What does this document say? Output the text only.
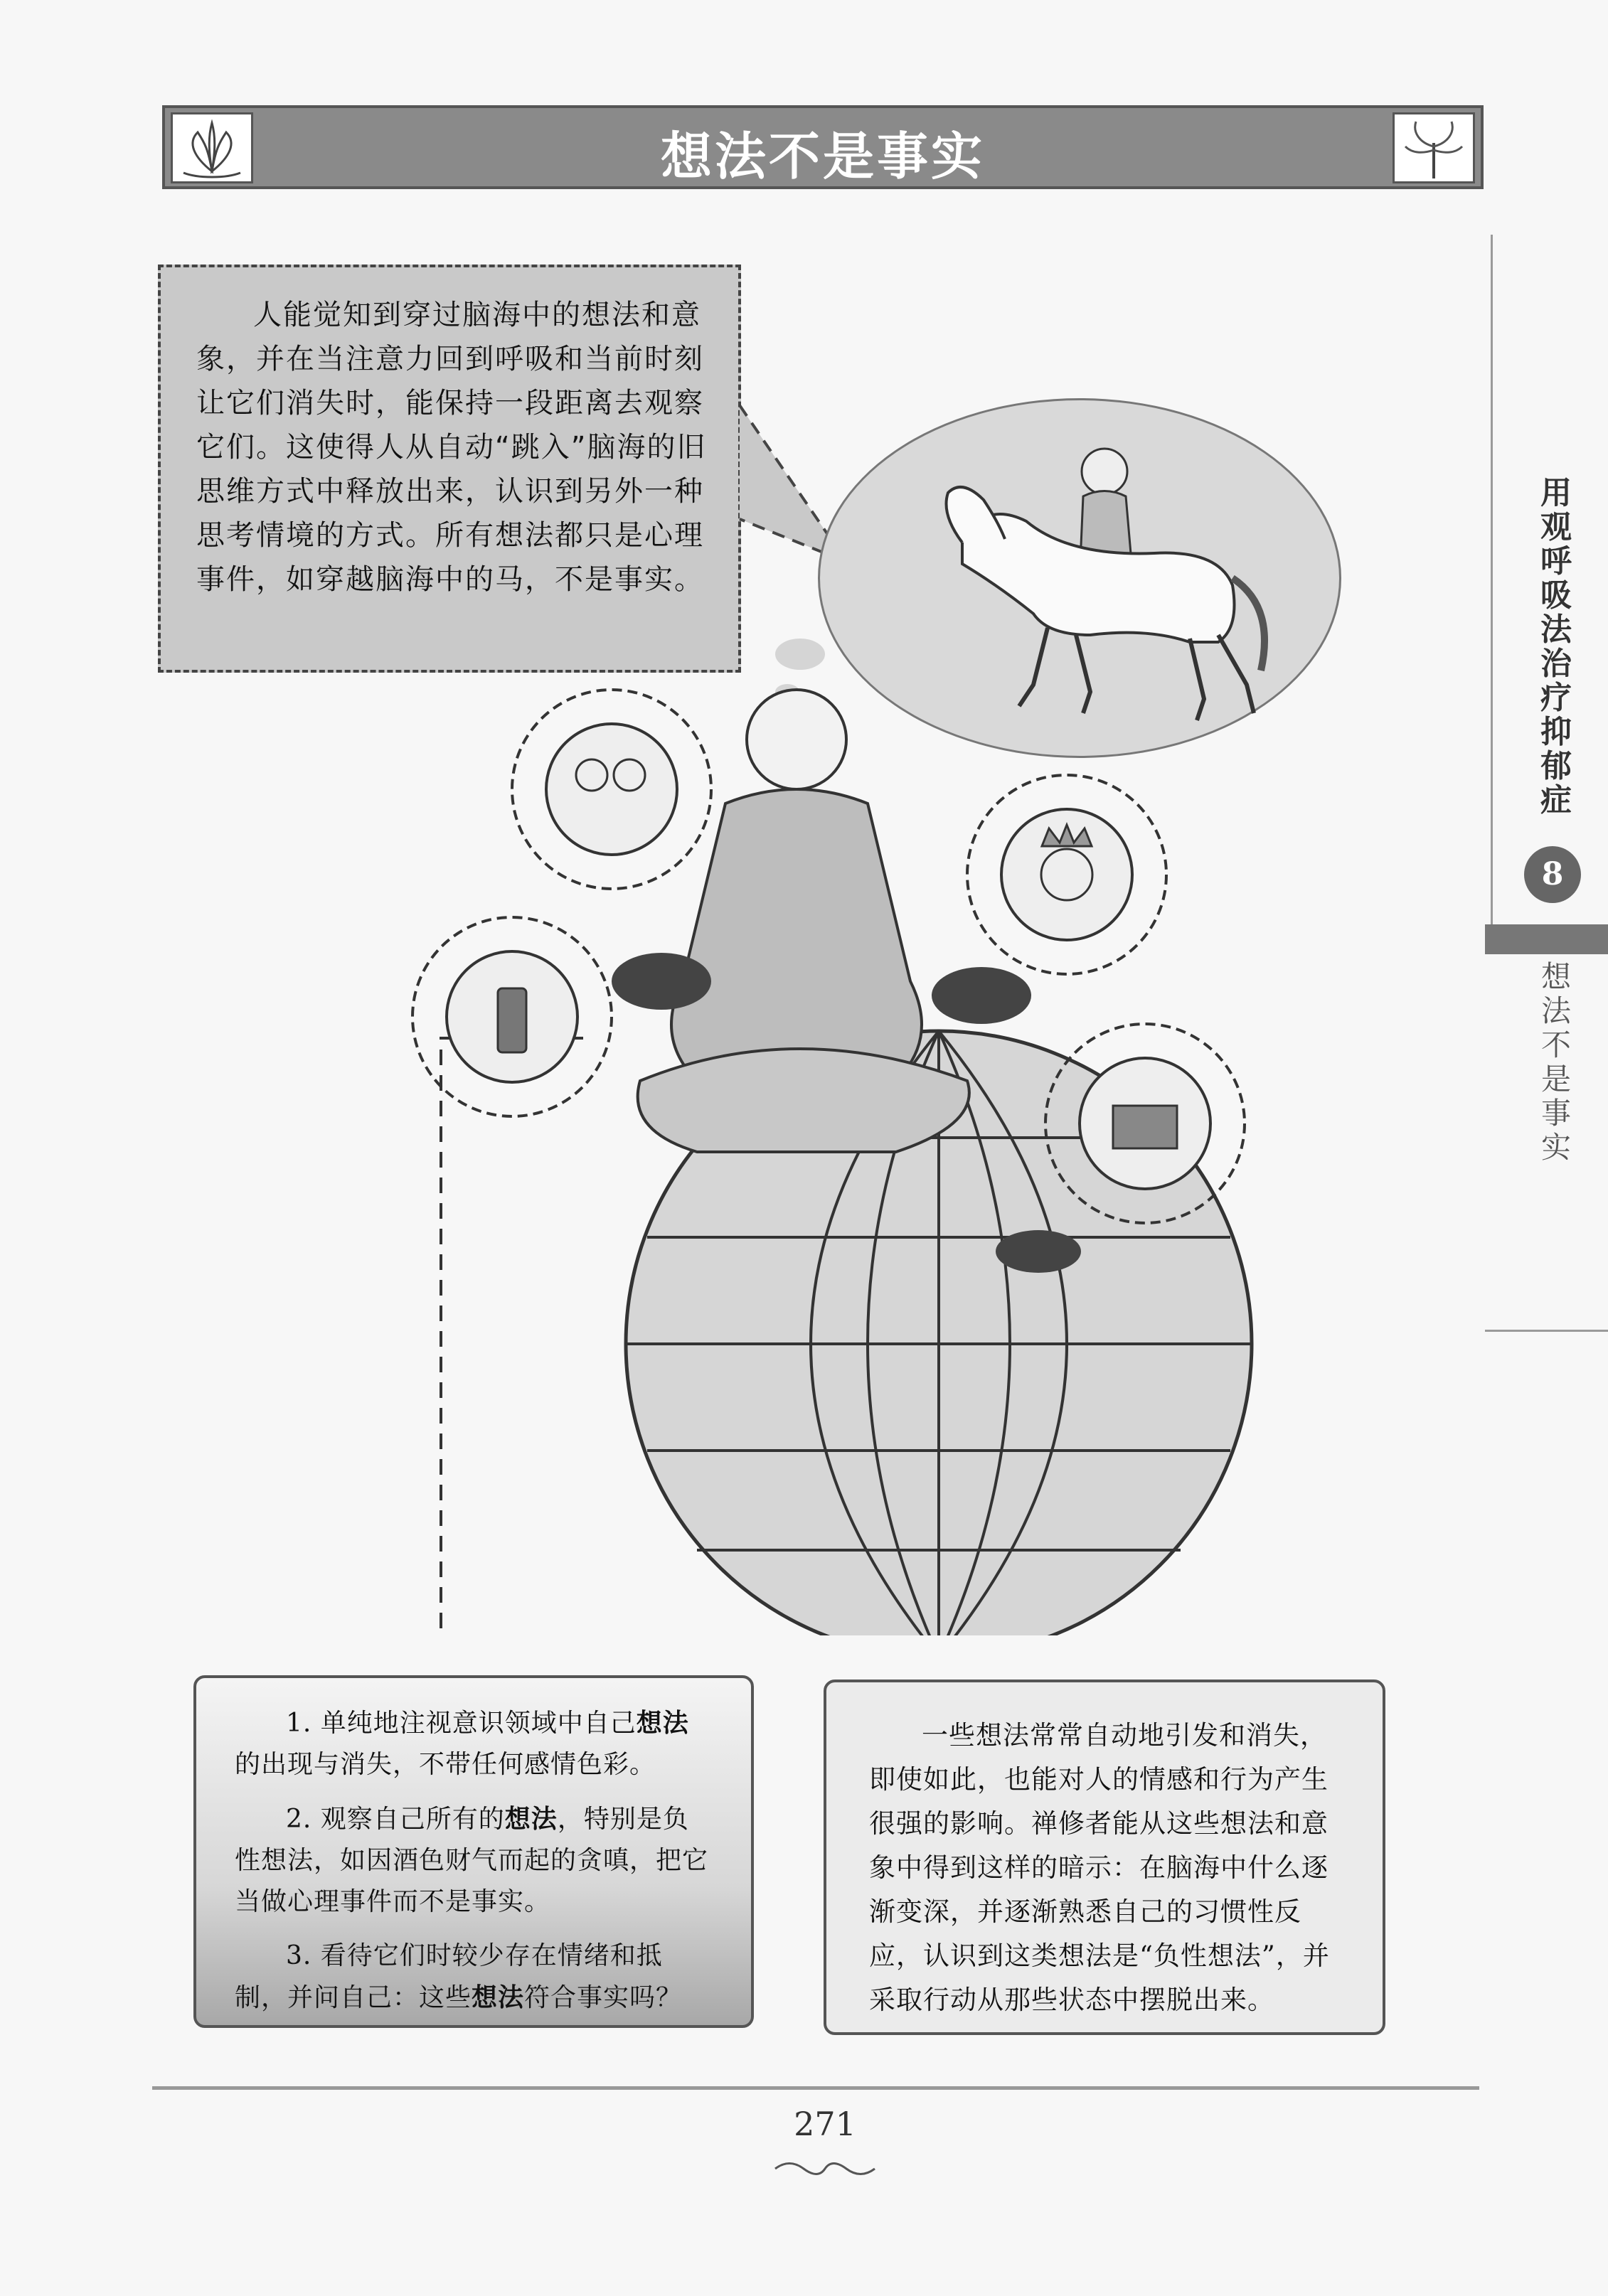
想法不是事实
用
观
呼
吸
法
治
疗
抑
郁
症
8
想
法
不
是
事
实

人能觉知到穿过脑海中的想法和意象，并在当注意力回到呼吸和当前时刻让它们消失时，能保持一段距离去观察它们。这使得人从自动“跳入”脑海的旧思维方式中释放出来，认识到另外一种思考情境的方式。所有想法都只是心理事件，如穿越脑海中的马，不是事实。

1. 单纯地注视意识领域中自己想法的出现与消失，不带任何感情色彩。

2. 观察自己所有的想法，特别是负性想法，如因酒色财气而起的贪嗔，把它当做心理事件而不是事实。

3. 看待它们时较少存在情绪和抵制，并问自己：这些想法符合事实吗？

一些想法常常自动地引发和消失，即使如此，也能对人的情感和行为产生很强的影响。禅修者能从这些想法和意象中得到这样的暗示：在脑海中什么逐渐变深，并逐渐熟悉自己的习惯性反应，认识到这类想法是“负性想法”，并采取行动从那些状态中摆脱出来。

271
